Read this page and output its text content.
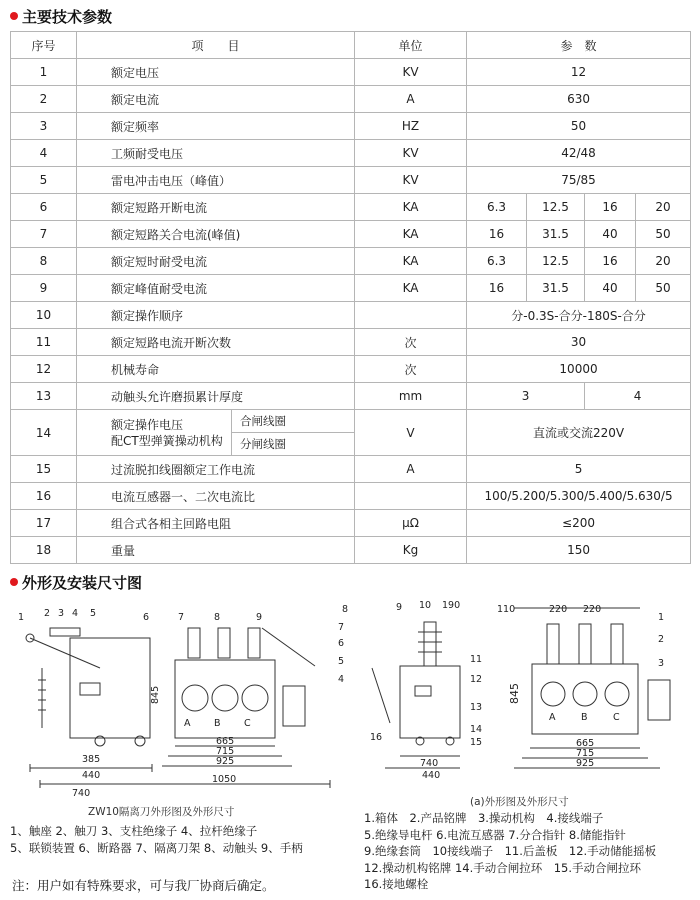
主要技术参数
序号	项　　目		单位	参　数			
1	额定电压		KV	12			
2	额定电流		A	630			
3	额定频率		HZ	50			
4	工频耐受电压		KV	42/48			
5	雷电冲击电压（峰值）		KV	75/85			
6	额定短路开断电流		KA	6.3	12.5	16	20
7	额定短路关合电流(峰值)		KA	16	31.5	40	50
8	额定短时耐受电流		KA	6.3	12.5	16	20
9	额定峰值耐受电流		KA	16	31.5	40	50
10	额定操作顺序			分-0.3S-合分-180S-合分			
11	额定短路电流开断次数		次	30			
12	机械寿命		次	10000			
13	动触头允许磨损累计厚度		mm	3		4	
14	额定操作电压
配CT型弹簧操动机构	合闸线圈	V	直流或交流220V			
		分闸线圈					
15	过流脱扣线圈额定工作电流		A	5			
16	电流互感器一、二次电流比			100/5.200/5.300/5.400/5.630/5			
17	组合式各相主回路电阻		μΩ	≤200			
18	重量		Kg	150			
外形及安装尺寸图
1 2 3 4 5	6	7	8	9
385
440
740
845
A B C
665
715
925
1050
8	9 10
7
6
5
4
11
12
13
14
15
16
190
740
440
110	220 220
1
2
3
845
A	B	C
665
715
925
ZW10隔离刀外形图及外形尺寸
(a)外形图及外形尺寸
1、触座 2、触刀 3、支柱绝缘子 4、拉杆绝缘子
5、联锁装置 6、断路器 7、隔离刀架 8、动触头 9、手柄
1.箱体　2.产品铭牌　3.操动机构　4.接线端子
5.绝缘导电杆 6.电流互感器 7.分合指针 8.储能指针
9.绝缘套筒　10接线端子　11.后盖板　12.手动储能摇板
12.操动机构铭牌 14.手动合闸拉环　15.手动合闸拉环
16.接地螺栓
注：用户如有特殊要求，可与我厂协商后确定。
